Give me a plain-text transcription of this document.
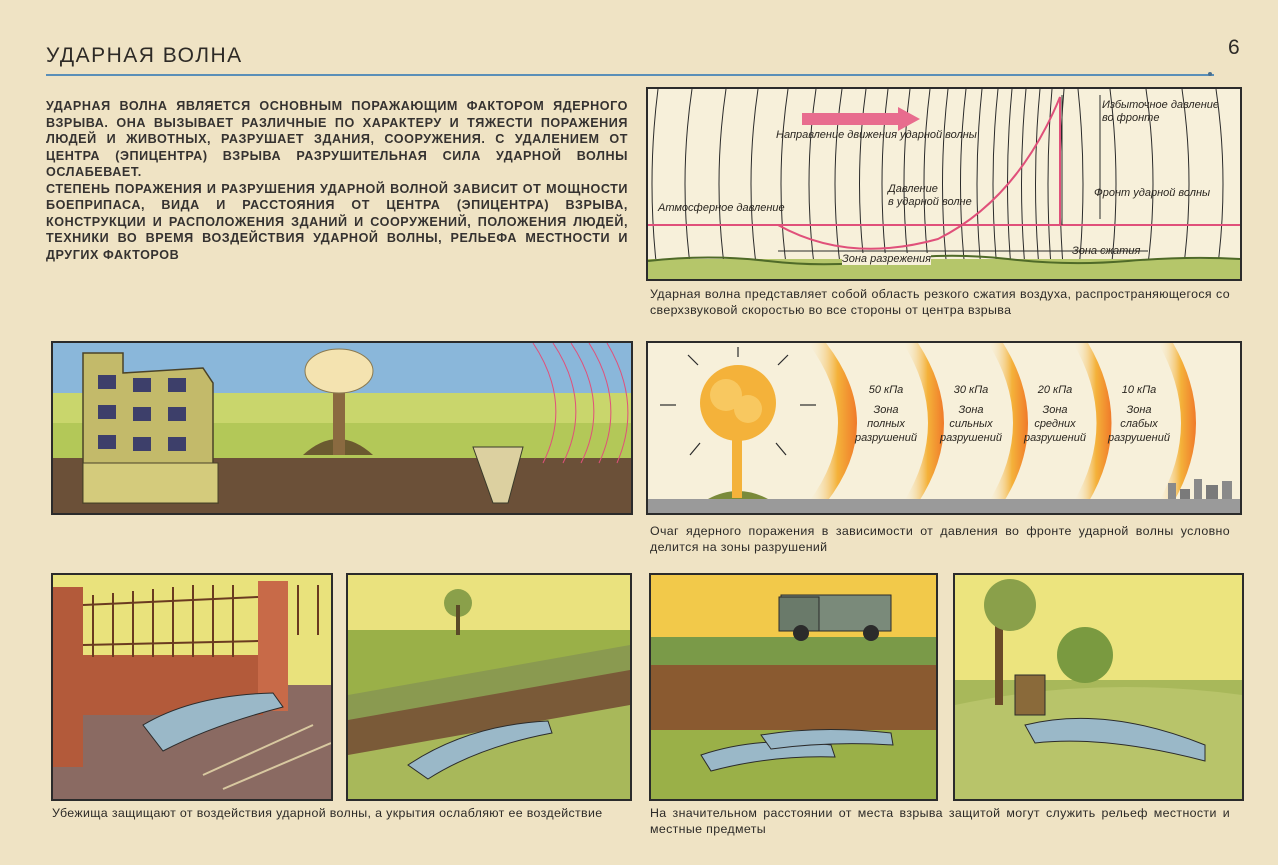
УДАРНАЯ ВОЛНА	6

УДАРНАЯ ВОЛНА ЯВЛЯЕТСЯ ОСНОВНЫМ ПОРАЖАЮЩИМ ФАКТОРОМ ЯДЕРНОГО ВЗРЫВА. ОНА ВЫЗЫВАЕТ РАЗЛИЧНЫЕ ПО ХАРАКТЕРУ И ТЯЖЕСТИ ПОРАЖЕНИЯ ЛЮДЕЙ И ЖИВОТНЫХ, РАЗРУШАЕТ ЗДАНИЯ, СООРУЖЕНИЯ. С УДАЛЕНИЕМ ОТ ЦЕНТРА (ЭПИЦЕНТРА) ВЗРЫВА РАЗРУШИТЕЛЬНАЯ СИЛА УДАРНОЙ ВОЛНЫ ОСЛАБЕВАЕТ.

СТЕПЕНЬ ПОРАЖЕНИЯ И РАЗРУШЕНИЯ УДАРНОЙ ВОЛНОЙ ЗАВИСИТ ОТ МОЩНОСТИ БОЕПРИПАСА, ВИДА И РАССТОЯНИЯ ОТ ЦЕНТРА (ЭПИЦЕНТРА) ВЗРЫВА, КОНСТРУКЦИИ И РАСПОЛОЖЕНИЯ ЗДАНИЙ И СООРУЖЕНИЙ, ПОЛОЖЕНИЯ ЛЮДЕЙ, ТЕХНИКИ ВО ВРЕМЯ ВОЗДЕЙСТВИЯ УДАРНОЙ ВОЛНЫ, РЕЛЬЕФА МЕСТНОСТИ И ДРУГИХ ФАКТОРОВ

Направление движения ударной волны
Избыточное давление
во фронте
Фронт ударной волны
Атмосферное давление
Давление
в ударной волне
Зона разрежения
Зона сжатия
Ударная волна представляет собой область резкого сжатия воздуха, распространяющегося со сверхзвуковой скоростью во все стороны от центра взрыва
50 кПа
Зона
полных
разрушений
30 кПа
Зона
сильных
разрушений
20 кПа
Зона
средних
разрушений
10 кПа
Зона
слабых
разрушений
Очаг ядерного поражения в зависимости от давления во фронте ударной волны условно делится на зоны разрушений
Убежища защищают от воздействия ударной волны, а укрытия ослабляют ее воздействие	На значительном расстоянии от места взрыва защитой могут служить рельеф местности и местные предметы
